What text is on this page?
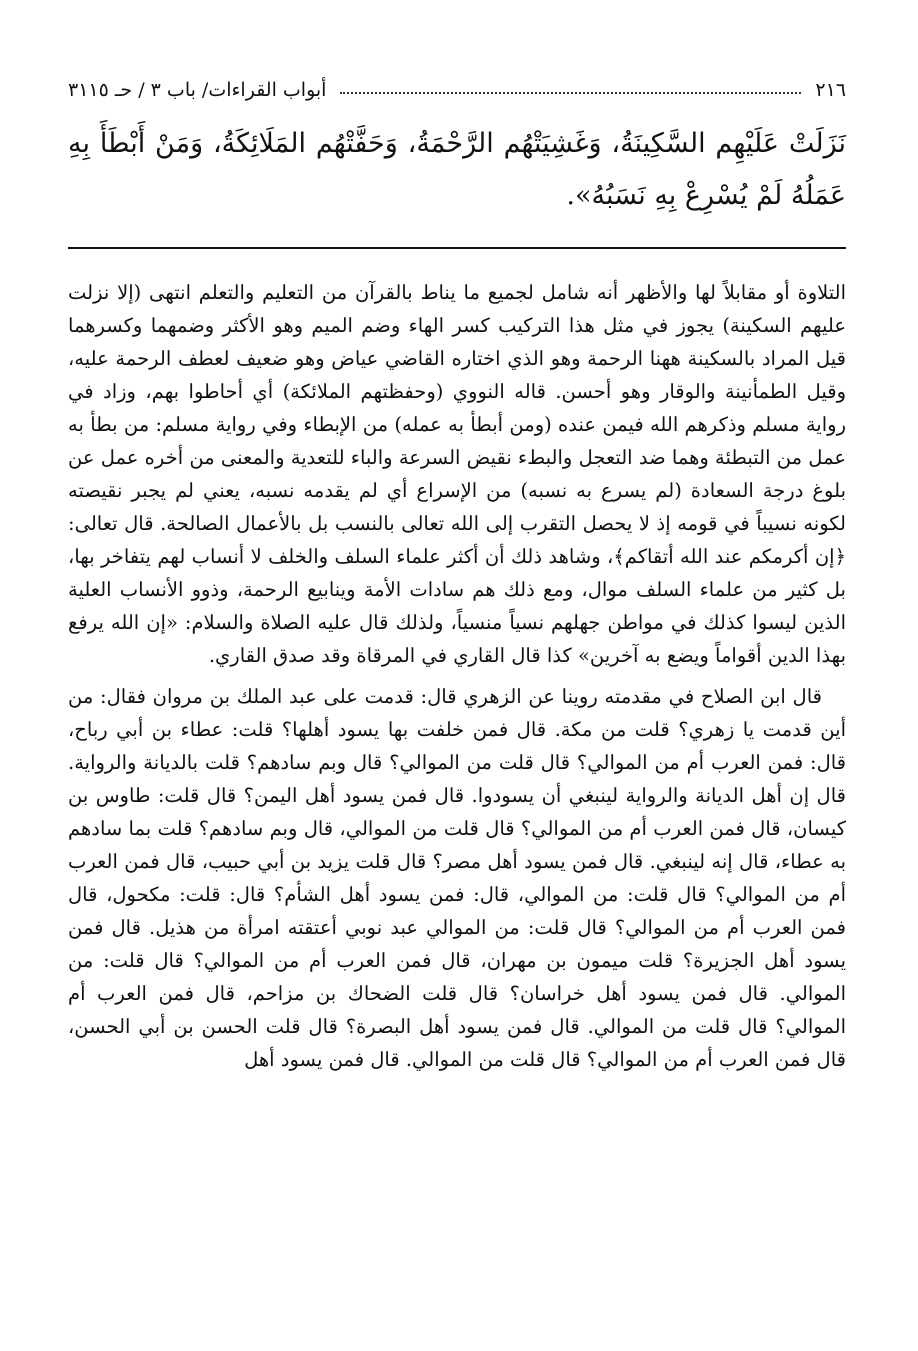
٢١٦
أبواب القراءات/ باب ٣ / حـ ٣١١٥

نَزَلَتْ عَلَيْهِم السَّكِينَةُ، وَغَشِيَتْهُم الرَّحْمَةُ، وَحَفَّتْهُم المَلَائِكَةُ، وَمَنْ أَبْطَأَ بِهِ عَمَلُهُ لَمْ يُسْرِعْ بِهِ نَسَبُهُ».

التلاوة أو مقابلاً لها والأظهر أنه شامل لجميع ما يناط بالقرآن من التعليم والتعلم انتهى (إلا نزلت عليهم السكينة) يجوز في مثل هذا التركيب كسر الهاء وضم الميم وهو الأكثر وضمهما وكسرهما قيل المراد بالسكينة ههنا الرحمة وهو الذي اختاره القاضي عياض وهو ضعيف لعطف الرحمة عليه، وقيل الطمأنينة والوقار وهو أحسن. قاله النووي (وحفظتهم الملائكة) أي أحاطوا بهم، وزاد في رواية مسلم وذكرهم الله فيمن عنده (ومن أبطأ به عمله) من الإبطاء وفي رواية مسلم: من بطأ به عمل من التبطئة وهما ضد التعجل والبطء نقيض السرعة والباء للتعدية والمعنى من أخره عمل عن بلوغ درجة السعادة (لم يسرع به نسبه) من الإسراع أي لم يقدمه نسبه، يعني لم يجبر نقيصته لكونه نسيباً في قومه إذ لا يحصل التقرب إلى الله تعالى بالنسب بل بالأعمال الصالحة. قال تعالى: ﴿إن أكرمكم عند الله أتقاكم﴾، وشاهد ذلك أن أكثر علماء السلف والخلف لا أنساب لهم يتفاخر بها، بل كثير من علماء السلف موال، ومع ذلك هم سادات الأمة وينابيع الرحمة، وذوو الأنساب العلية الذين ليسوا كذلك في مواطن جهلهم نسياً منسياً، ولذلك قال عليه الصلاة والسلام: «إن الله يرفع بهذا الدين أقواماً ويضع به آخرين» كذا قال القاري في المرقاة وقد صدق القاري.

قال ابن الصلاح في مقدمته روينا عن الزهري قال: قدمت على عبد الملك بن مروان فقال: من أين قدمت يا زهري؟ قلت من مكة. قال فمن خلفت بها يسود أهلها؟ قلت: عطاء بن أبي رباح، قال: فمن العرب أم من الموالي؟ قال قلت من الموالي؟ قال وبم سادهم؟ قلت بالديانة والرواية. قال إن أهل الديانة والرواية لينبغي أن يسودوا. قال فمن يسود أهل اليمن؟ قال قلت: طاوس بن كيسان، قال فمن العرب أم من الموالي؟ قال قلت من الموالي، قال وبم سادهم؟ قلت بما سادهم به عطاء، قال إنه لينبغي. قال فمن يسود أهل مصر؟ قال قلت يزيد بن أبي حبيب، قال فمن العرب أم من الموالي؟ قال قلت: من الموالي، قال: فمن يسود أهل الشأم؟ قال: قلت: مكحول، قال فمن العرب أم من الموالي؟ قال قلت: من الموالي عبد نوبي أعتقته امرأة من هذيل. قال فمن يسود أهل الجزيرة؟ قلت ميمون بن مهران، قال فمن العرب أم من الموالي؟ قال قلت: من الموالي. قال فمن يسود أهل خراسان؟ قال قلت الضحاك بن مزاحم، قال فمن العرب أم الموالي؟ قال قلت من الموالي. قال فمن يسود أهل البصرة؟ قال قلت الحسن بن أبي الحسن، قال فمن العرب أم من الموالي؟ قال قلت من الموالي. قال فمن يسود أهل
